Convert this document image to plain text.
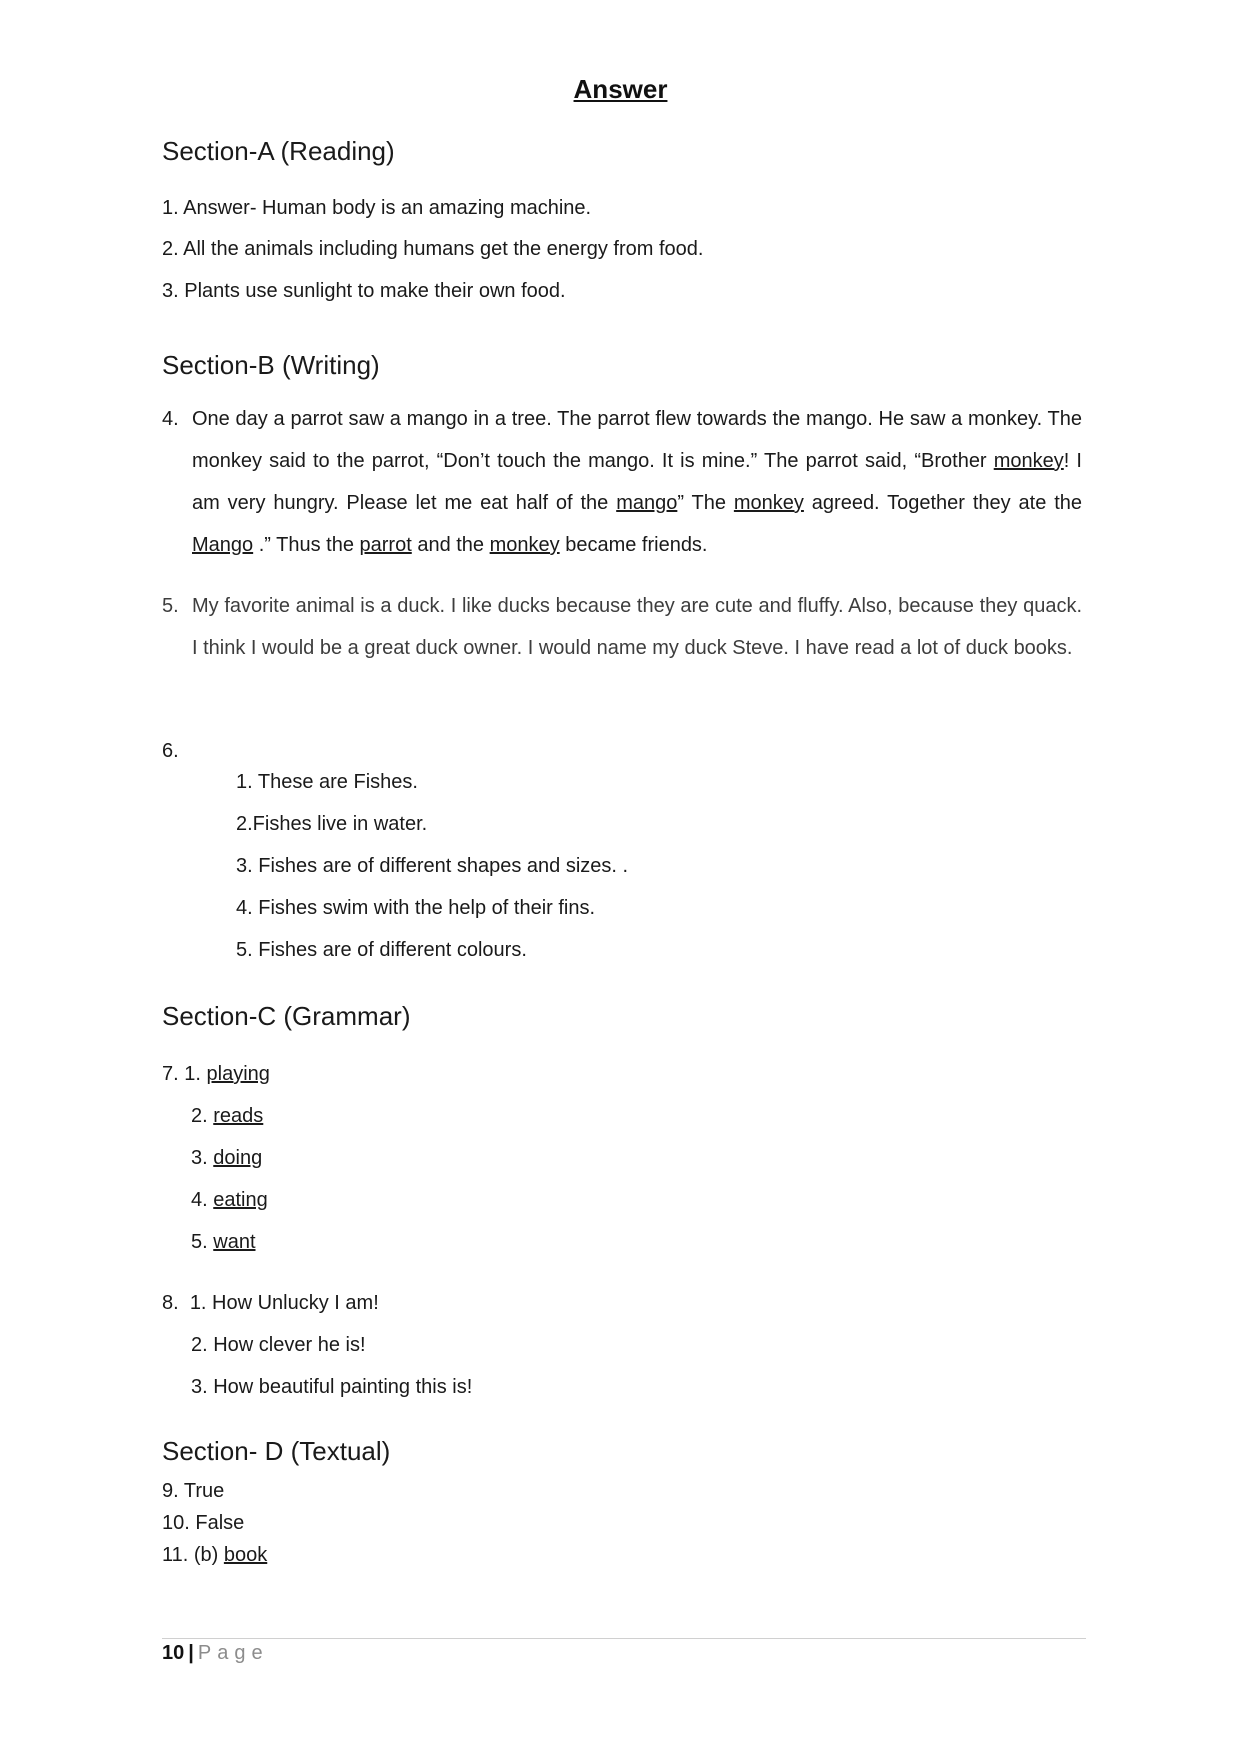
Answer
Section-A (Reading)
1. Answer- Human body is an amazing machine.
2. All the animals including humans get the energy from food.
3. Plants use sunlight to make their own food.
Section-B (Writing)
4. One day a parrot saw a mango in a tree. The parrot flew towards the mango. He saw a monkey. The monkey said to the parrot, “Don’t touch the mango. It is mine.” The parrot said, “Brother monkey! I am very hungry. Please let me eat half of the mango” The monkey agreed. Together they ate the Mango .” Thus the parrot and the monkey became friends.
5. My favorite animal is a duck. I like ducks because they are cute and fluffy. Also, because they quack. I think I would be a great duck owner. I would name my duck Steve. I have read a lot of duck books.
6.
1. These are Fishes.
2.Fishes live in water.
3. Fishes are of different shapes and sizes. .
4. Fishes swim with the help of their fins.
5. Fishes are of different colours.
Section-C (Grammar)
7. 1. playing
2. reads
3. doing
4. eating
5. want
8. 1. How Unlucky I am!
2. How clever he is!
3. How beautiful painting this is!
Section- D (Textual)
9. True
10. False
11. (b) book
10 | Page
